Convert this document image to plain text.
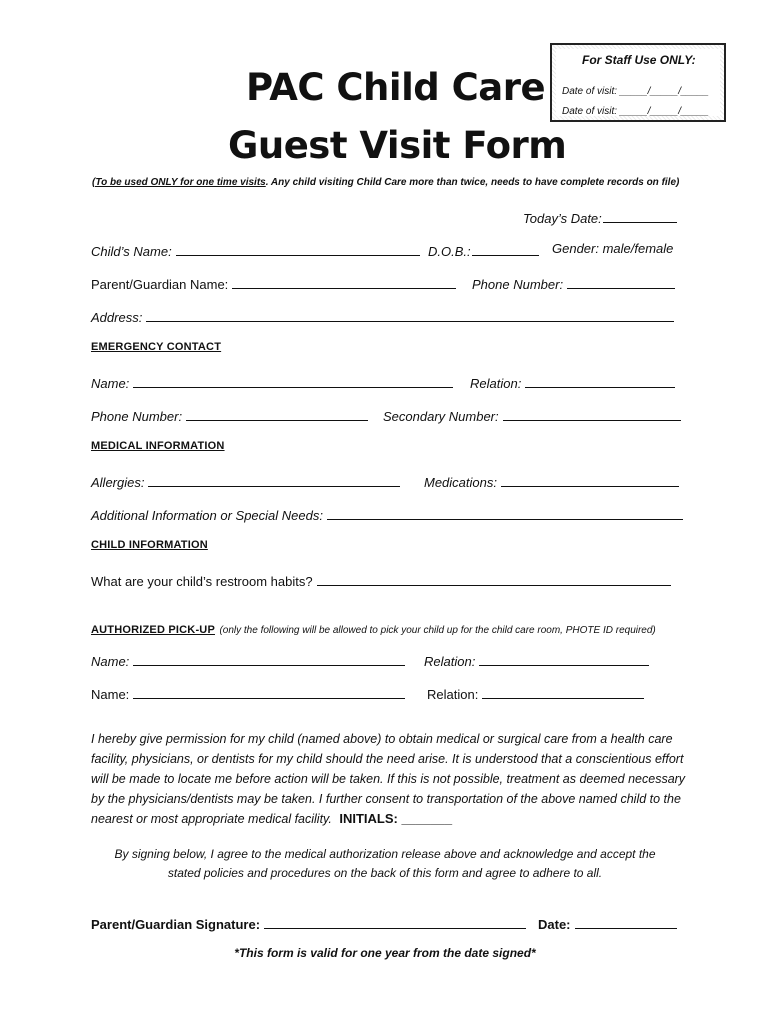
For Staff Use ONLY:
Date of visit: _____/_____/_____
Date of visit: _____/_____/_____
PAC Child Care
Guest Visit Form
(To be used ONLY for one time visits. Any child visiting Child Care more than twice, needs to have complete records on file)
Today’s Date:
Child’s Name:	D.O.B.:	Gender: male/female
Parent/Guardian Name:	Phone Number:
Address:
EMERGENCY CONTACT
Name:	Relation:
Phone Number:	Secondary Number:
MEDICAL INFORMATION
Allergies:	Medications:
Additional Information or Special Needs:
CHILD INFORMATION
What are your child’s restroom habits?
AUTHORIZED PICK-UP (only the following will be allowed to pick your child up for the child care room, PHOTE ID required)
Name:	Relation:
Name:	Relation:
I hereby give permission for my child (named above) to obtain medical or surgical care from a health care facility, physicians, or dentists for my child should the need arise. It is understood that a conscientious effort will be made to locate me before action will be taken. If this is not possible, treatment as deemed necessary by the physicians/dentists may be taken. I further consent to transportation of the above named child to the nearest or most appropriate medical facility. INITIALS: _______
By signing below, I agree to the medical authorization release above and acknowledge and accept the
stated policies and procedures on the back of this form and agree to adhere to all.
Parent/Guardian Signature:	Date:
*This form is valid for one year from the date signed*
